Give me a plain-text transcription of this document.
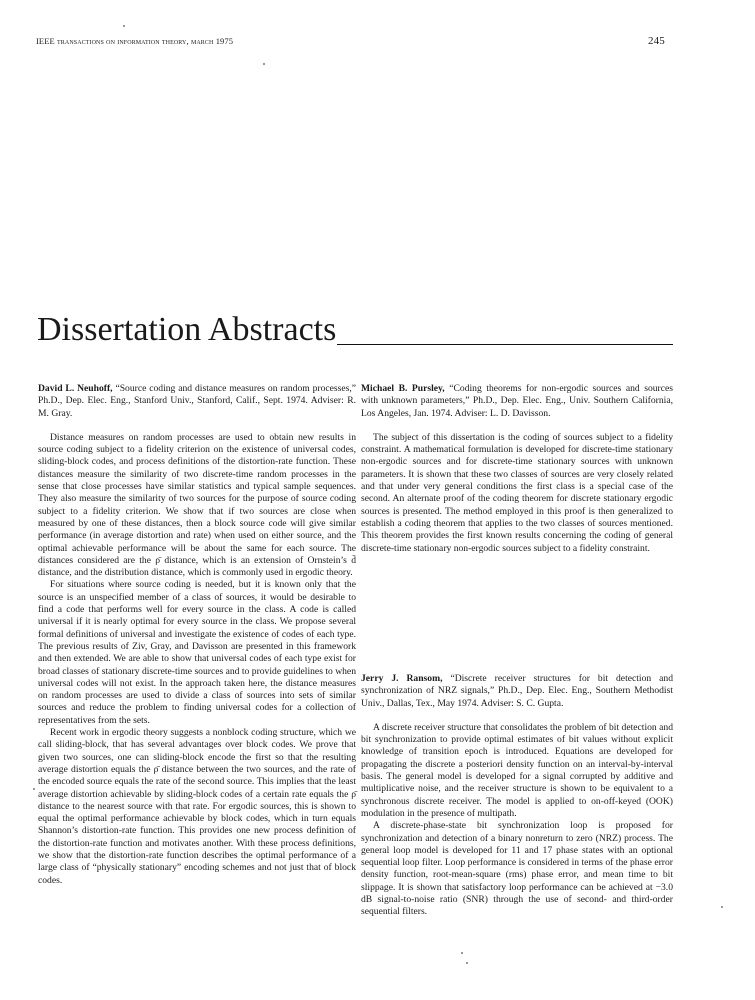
IEEE transactions on information theory, march 1975	245
Dissertation Abstracts

David L. Neuhoff, “Source coding and distance measures on random processes,” Ph.D., Dep. Elec. Eng., Stanford Univ., Stanford, Calif., Sept. 1974. Adviser: R. M. Gray.

Distance measures on random processes are used to obtain new results in source coding subject to a fidelity criterion on the existence of universal codes, sliding-block codes, and process definitions of the distortion-rate function. These distances measure the similarity of two discrete-time random processes in the sense that close processes have similar statistics and typical sample sequences. They also measure the similarity of two sources for the purpose of source coding subject to a fidelity criterion. We show that if two sources are close when measured by one of these distances, then a block source code will give similar performance (in average distortion and rate) when used on either source, and the optimal achievable performance will be about the same for each source. The distances considered are the ρ̄ distance, which is an extension of Ornstein’s d̄ distance, and the distribution distance, which is commonly used in ergodic theory.

For situations where source coding is needed, but it is known only that the source is an unspecified member of a class of sources, it would be desirable to find a code that performs well for every source in the class. A code is called universal if it is nearly optimal for every source in the class. We propose several formal definitions of universal and investigate the existence of codes of each type. The previous results of Ziv, Gray, and Davisson are presented in this framework and then extended. We are able to show that universal codes of each type exist for broad classes of stationary discrete-time sources and to provide guidelines to when universal codes will not exist. In the approach taken here, the distance measures on random processes are used to divide a class of sources into sets of similar sources and reduce the problem to finding universal codes for a collection of representatives from the sets.

Recent work in ergodic theory suggests a nonblock coding structure, which we call sliding-block, that has several advantages over block codes. We prove that given two sources, one can sliding-block encode the first so that the resulting average distortion equals the ρ̄ distance between the two sources, and the rate of the encoded source equals the rate of the second source. This implies that the least average distortion achievable by sliding-block codes of a certain rate equals the ρ̄ distance to the nearest source with that rate. For ergodic sources, this is shown to equal the optimal performance achievable by block codes, which in turn equals Shannon’s distortion-rate function. This provides one new process definition of the distortion-rate function and motivates another. With these process definitions, we show that the distortion-rate function describes the optimal performance of a large class of “physically stationary” encoding schemes and not just that of block codes.

Michael B. Pursley, “Coding theorems for non-ergodic sources and sources with unknown parameters,” Ph.D., Dep. Elec. Eng., Univ. Southern California, Los Angeles, Jan. 1974. Adviser: L. D. Davisson.

The subject of this dissertation is the coding of sources subject to a fidelity constraint. A mathematical formulation is developed for discrete-time stationary non-ergodic sources and for discrete-time stationary sources with unknown parameters. It is shown that these two classes of sources are very closely related and that under very general conditions the first class is a special case of the second. An alternate proof of the coding theorem for discrete stationary ergodic sources is presented. The method employed in this proof is then generalized to establish a coding theorem that applies to the two classes of sources mentioned. This theorem provides the first known results concerning the coding of general discrete-time stationary non-ergodic sources subject to a fidelity constraint.

Jerry J. Ransom, “Discrete receiver structures for bit detection and synchronization of NRZ signals,” Ph.D., Dep. Elec. Eng., Southern Methodist Univ., Dallas, Tex., May 1974. Adviser: S. C. Gupta.

A discrete receiver structure that consolidates the problem of bit detection and bit synchronization to provide optimal estimates of bit values without explicit knowledge of transition epoch is introduced. Equations are developed for propagating the discrete a posteriori density function on an interval-by-interval basis. The general model is developed for a signal corrupted by additive and multiplicative noise, and the receiver structure is shown to be equivalent to a synchronous discrete receiver. The model is applied to on-off-keyed (OOK) modulation in the presence of multipath.

A discrete-phase-state bit synchronization loop is proposed for synchronization and detection of a binary nonreturn to zero (NRZ) process. The general loop model is developed for 11 and 17 phase states with an optional sequential loop filter. Loop performance is considered in terms of the phase error density function, root-mean-square (rms) phase error, and mean time to bit slippage. It is shown that satisfactory loop performance can be achieved at −3.0 dB signal-to-noise ratio (SNR) through the use of second- and third-order sequential filters.
